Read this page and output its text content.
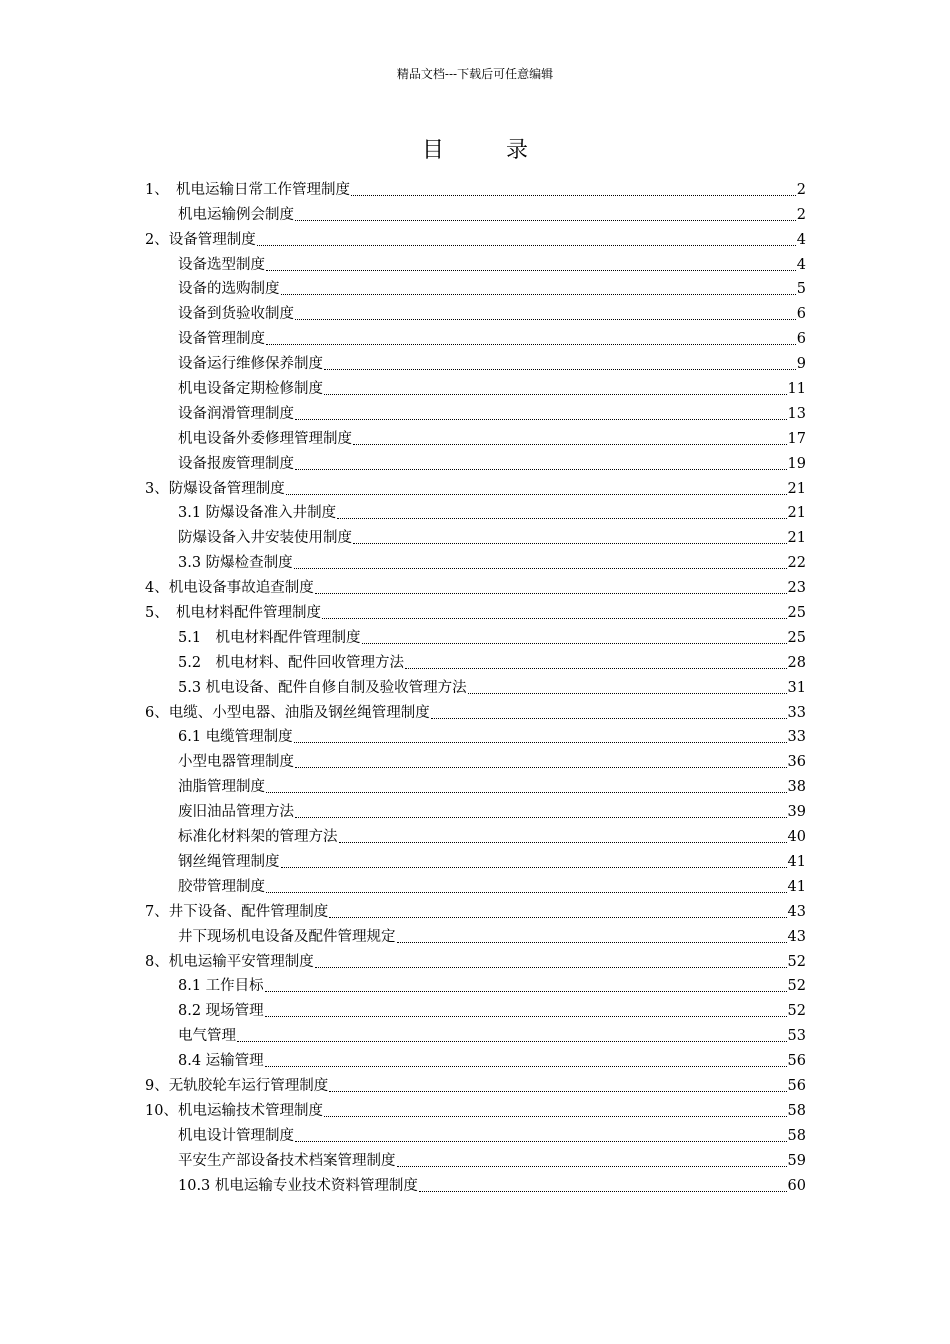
精品文档---下载后可任意编辑
目录
1、　机电运输日常工作管理制度	2
机电运输例会制度	2
2、设备管理制度	4
设备选型制度	4
设备的选购制度	5
设备到货验收制度	6
设备管理制度	6
设备运行维修保养制度	9
机电设备定期检修制度	11
设备润滑管理制度	13
机电设备外委修理管理制度	17
设备报废管理制度	19
3、防爆设备管理制度	21
3.1 防爆设备准入井制度	21
防爆设备入井安装使用制度	21
3.3 防爆检查制度	22
4、机电设备事故追查制度	23
5、　机电材料配件管理制度	25
5.1　机电材料配件管理制度	25
5.2　机电材料、配件回收管理方法	28
5.3 机电设备、配件自修自制及验收管理方法	31
6、电缆、小型电器、油脂及钢丝绳管理制度	33
6.1 电缆管理制度	33
小型电器管理制度	36
油脂管理制度	38
废旧油品管理方法	39
标准化材料架的管理方法	40
钢丝绳管理制度	41
胶带管理制度	41
7、井下设备、配件管理制度	43
井下现场机电设备及配件管理规定	43
8、机电运输平安管理制度	52
8.1 工作目标	52
8.2 现场管理	52
电气管理	53
8.4 运输管理	56
9、无轨胶轮车运行管理制度	56
10、机电运输技术管理制度	58
机电设计管理制度	58
平安生产部设备技术档案管理制度	59
10.3 机电运输专业技术资料管理制度	60
